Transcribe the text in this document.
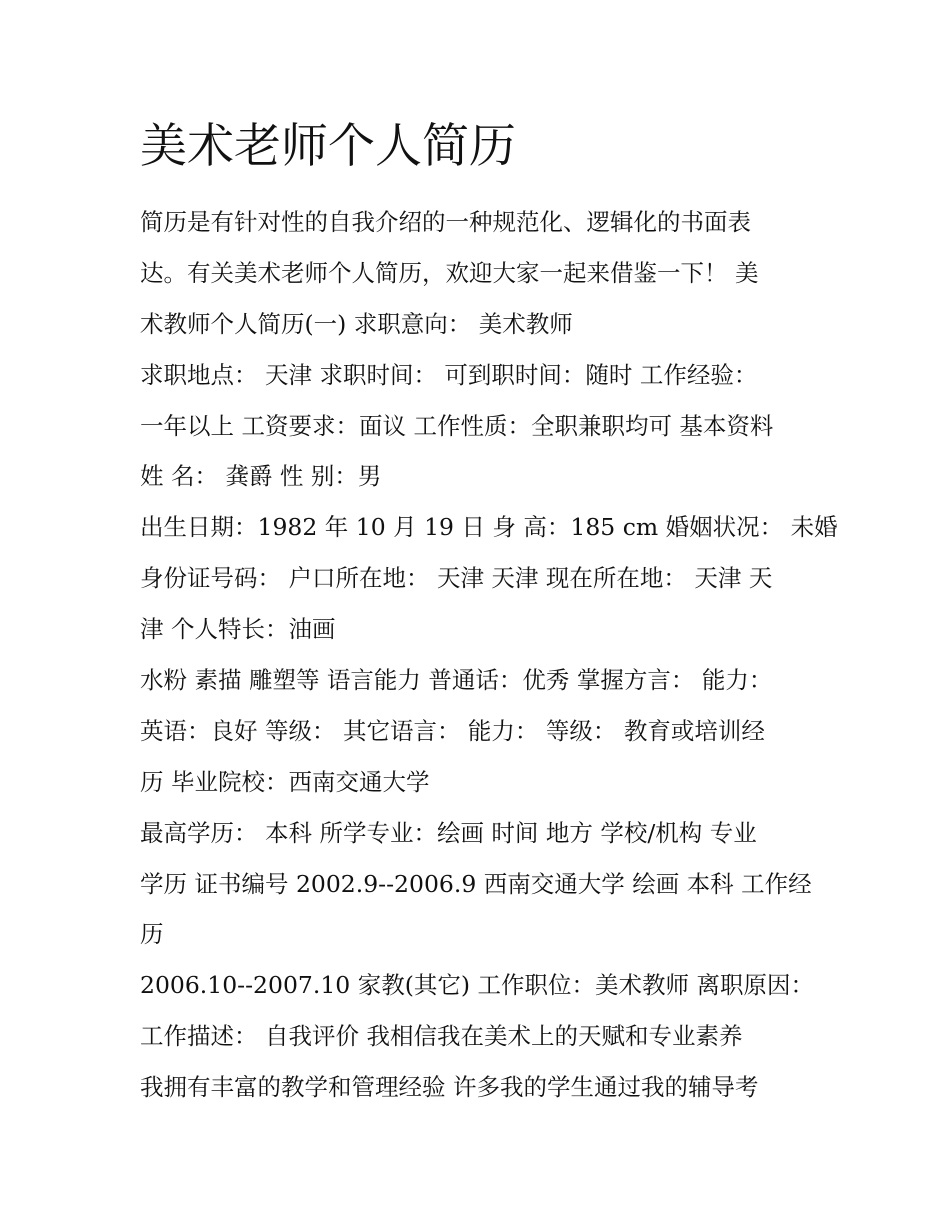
美术老师个人简历
简历是有针对性的自我介绍的一种规范化、逻辑化的书面表
达。有关美术老师个人简历，欢迎大家一起来借鉴一下！ 美
术教师个人简历(一) 求职意向： 美术教师
求职地点： 天津 求职时间： 可到职时间：随时 工作经验：
一年以上 工资要求：面议 工作性质：全职兼职均可 基本资料
姓 名： 龚爵 性 别：男
出生日期：1982 年 10 月 19 日 身 高：185 cm 婚姻状况： 未婚
身份证号码： 户口所在地： 天津 天津 现在所在地： 天津 天
津 个人特长：油画
水粉 素描 雕塑等 语言能力 普通话：优秀 掌握方言： 能力：
英语：良好 等级： 其它语言： 能力： 等级： 教育或培训经
历 毕业院校：西南交通大学
最高学历： 本科 所学专业：绘画 时间 地方 学校/机构 专业
学历 证书编号 2002.9--2006.9 西南交通大学 绘画 本科 工作经
历
2006.10--2007.10 家教(其它) 工作职位：美术教师 离职原因：
工作描述： 自我评价 我相信我在美术上的天赋和专业素养
我拥有丰富的教学和管理经验 许多我的学生通过我的辅导考
